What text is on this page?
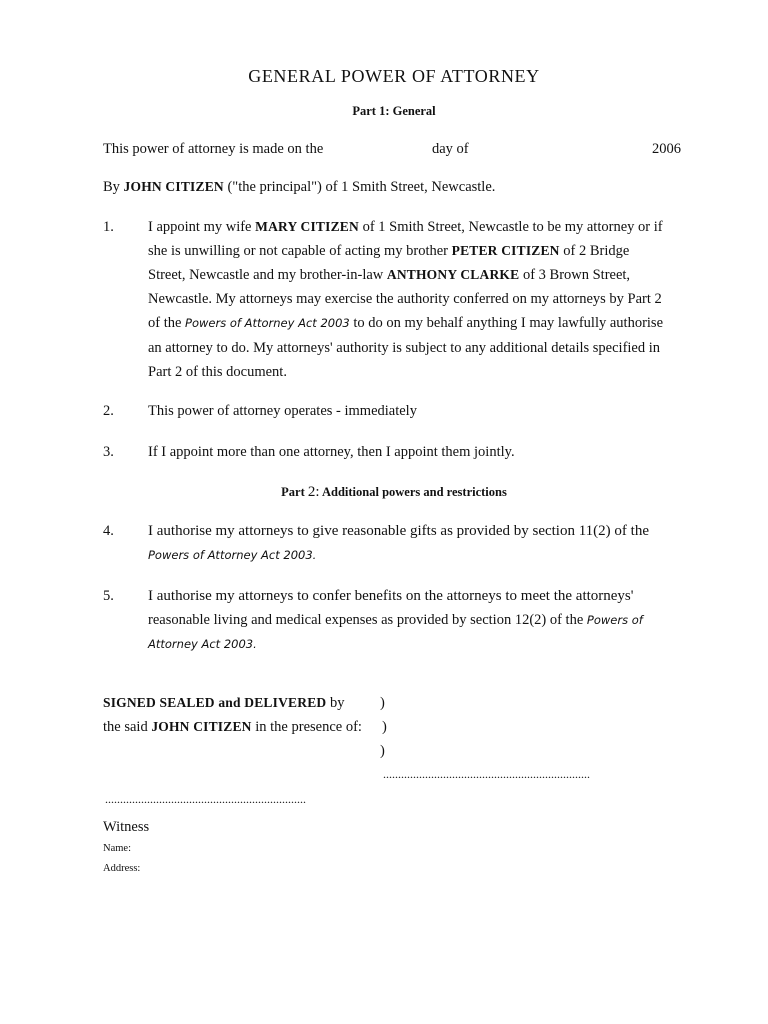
GENERAL POWER OF ATTORNEY
Part 1: General
This power of attorney is made on the	day of	2006
By JOHN CITIZEN ("the principal") of 1 Smith Street, Newcastle.
1. I appoint my wife MARY CITIZEN of 1 Smith Street, Newcastle to be my attorney or if
she is unwilling or not capable of acting my brother PETER CITIZEN of 2 Bridge
Street, Newcastle and my brother-in-law ANTHONY CLARKE of 3 Brown Street,
Newcastle. My attorneys may exercise the authority conferred on my attorneys by Part 2
of the Powers of Attorney Act 2003 to do on my behalf anything I may lawfully authorise
an attorney to do. My attorneys' authority is subject to any additional details specified in
Part 2 of this document.
2. This power of attorney operates - immediately
3. If I appoint more than one attorney, then I appoint them jointly.
Part 2: Additional powers and restrictions
4. I authorise my attorneys to give reasonable gifts as provided by section 11(2) of the
Powers of Attorney Act 2003.
5. I authorise my attorneys to confer benefits on the attorneys to meet the attorneys'
reasonable living and medical expenses as provided by section 12(2) of the Powers of
Attorney Act 2003.
SIGNED SEALED and DELIVERED by )
the said JOHN CITIZEN in the presence of: )
)
.....................................................................
...................................................................
Witness
Name:
Address:
